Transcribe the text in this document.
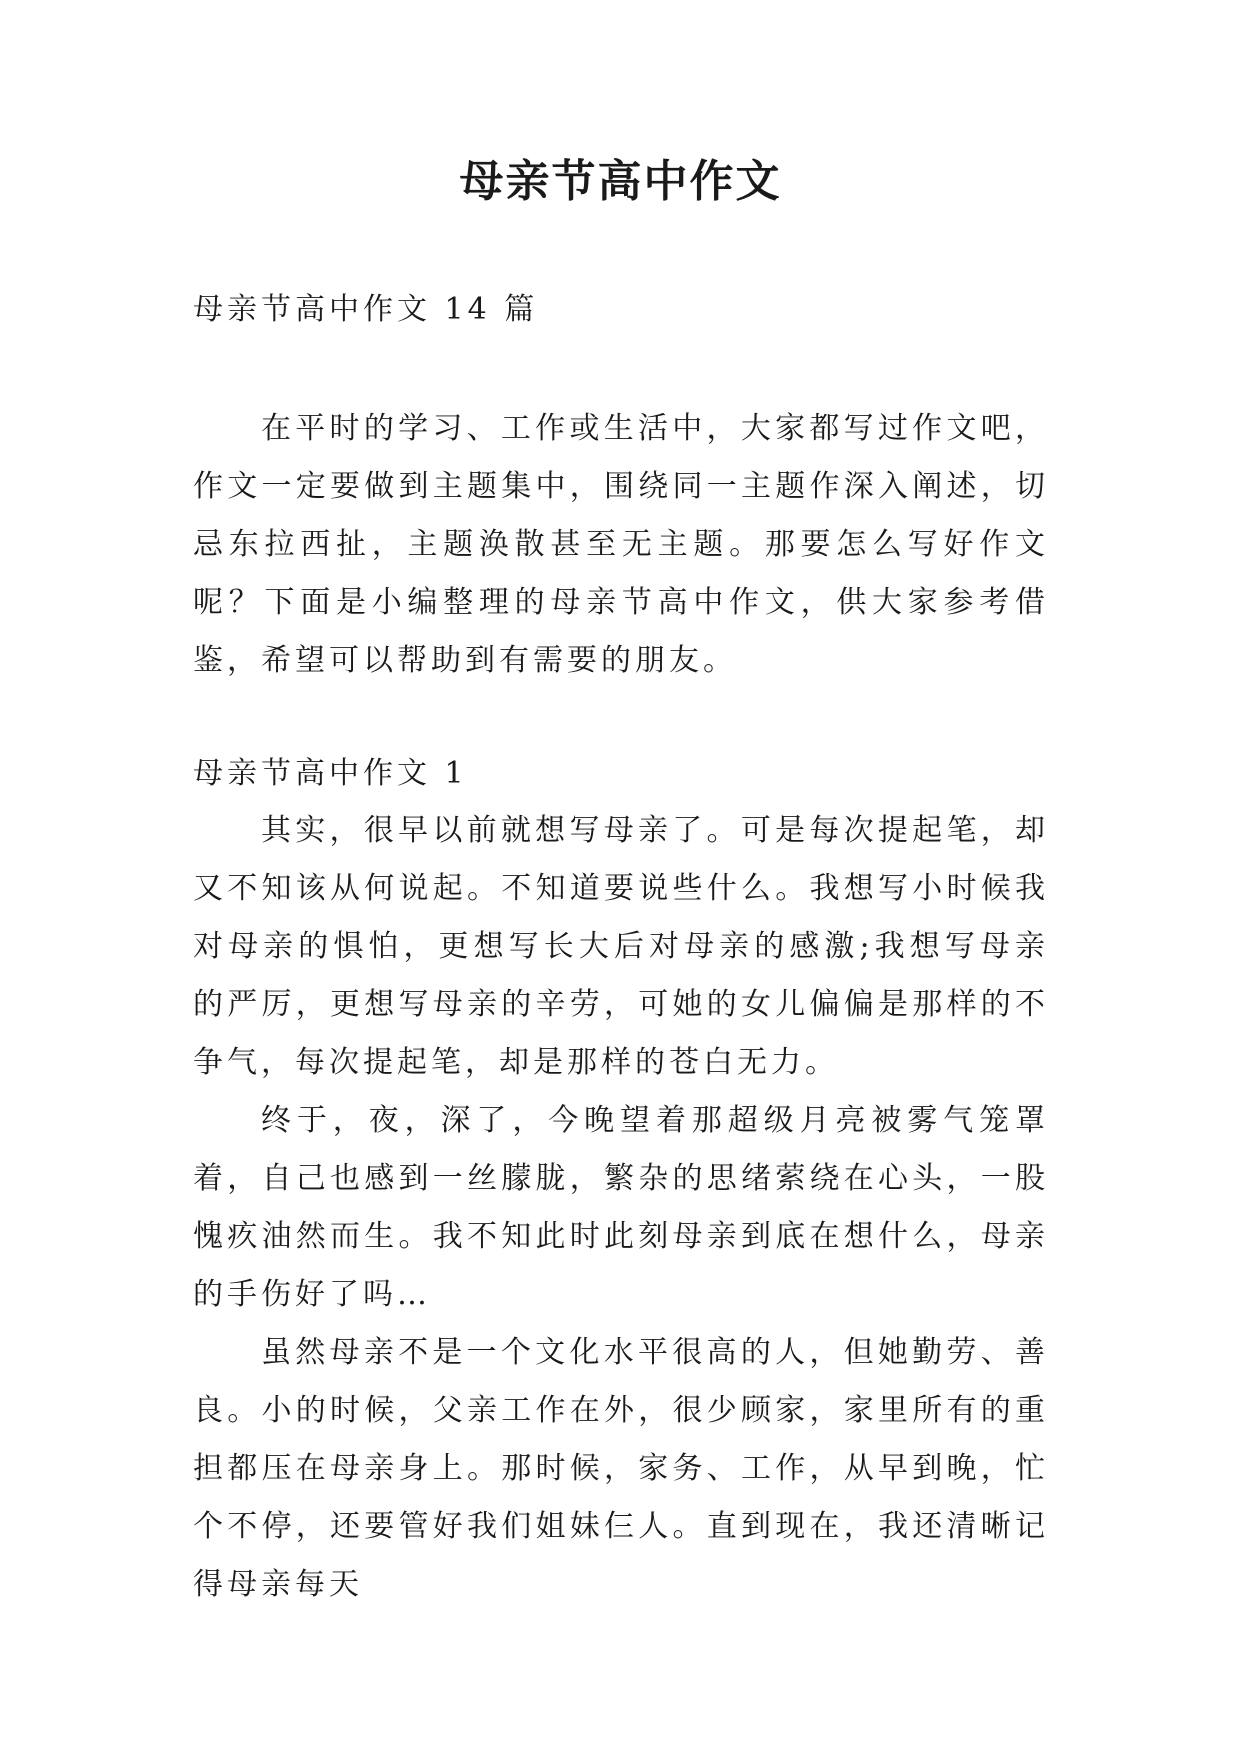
母亲节高中作文
母亲节高中作文 14 篇

在平时的学习、工作或生活中，大家都写过作文吧，作文一定要做到主题集中，围绕同一主题作深入阐述，切忌东拉西扯，主题涣散甚至无主题。那要怎么写好作文呢？下面是小编整理的母亲节高中作文，供大家参考借鉴，希望可以帮助到有需要的朋友。

母亲节高中作文 1

其实，很早以前就想写母亲了。可是每次提起笔，却又不知该从何说起。不知道要说些什么。我想写小时候我对母亲的惧怕，更想写长大后对母亲的感激;我想写母亲的严厉，更想写母亲的辛劳，可她的女儿偏偏是那样的不争气，每次提起笔，却是那样的苍白无力。

终于，夜，深了，今晚望着那超级月亮被雾气笼罩着，自己也感到一丝朦胧，繁杂的思绪萦绕在心头，一股愧疚油然而生。我不知此时此刻母亲到底在想什么，母亲的手伤好了吗…

虽然母亲不是一个文化水平很高的人，但她勤劳、善良。小的时候，父亲工作在外，很少顾家，家里所有的重担都压在母亲身上。那时候，家务、工作，从早到晚，忙个不停，还要管好我们姐妹仨人。直到现在，我还清晰记得母亲每天
